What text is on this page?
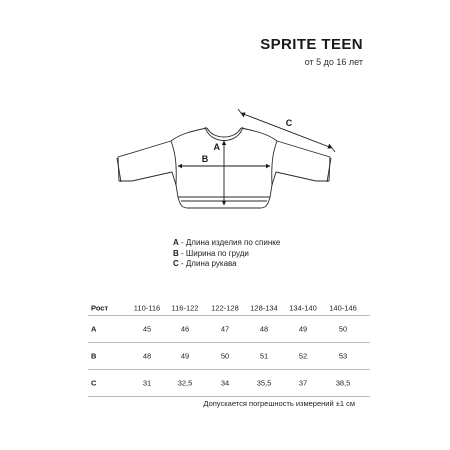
SPRITE TEEN
от 5 до 16 лет
A
B
C
A - Длина изделия по спинке
B - Ширина по груди
C - Длина рукава
Рост	110-116 116-122 122-128 128-134 134-140 140-146
A	45	46	47	48	49	50
B	48	49	50	51	52	53
C	31	32,5	34	35,5	37	38,5
Допускается погрешность измерений ±1 см
